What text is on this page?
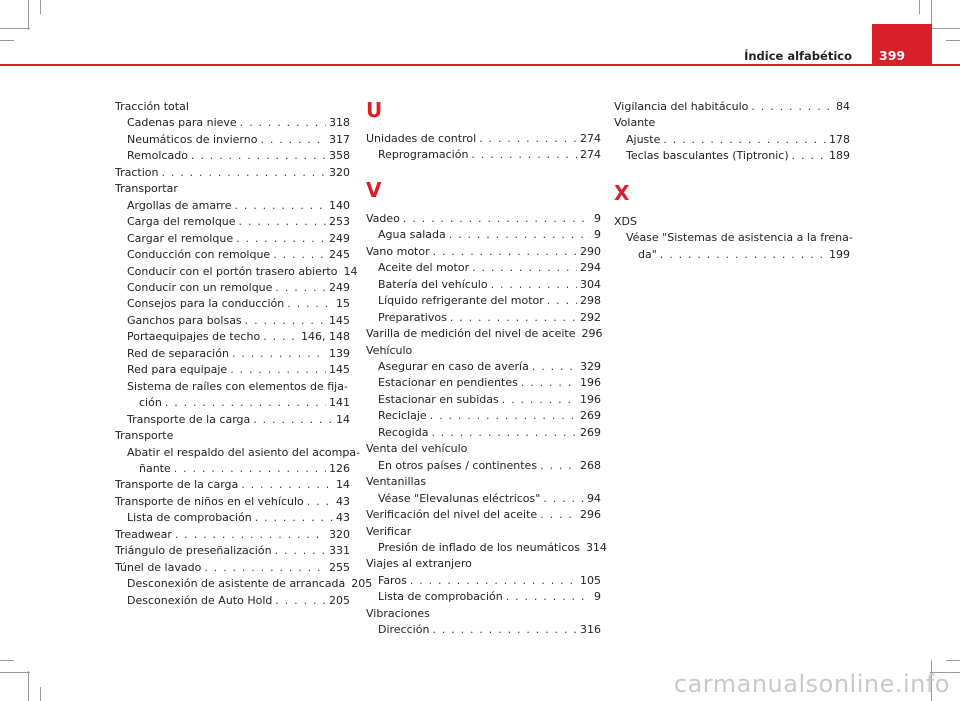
Índice alfabético	399
Tracción total
Cadenas para nieve . . .	318
Neumáticos de invierno . . .	317
Remolcado . . .	358
Traction . . .	320
Transportar
Argollas de amarre . . .	140
Carga del remolque . . .	253
Cargar el remolque . . .	249
Conducción con remolque . . .	245
Conducir con el portón trasero abierto 14
Conducir con un remolque . . .	249
Consejos para la conducción . . .	15
Ganchos para bolsas . . .	145
Portaequipajes de techo . . .	146, 148
Red de separación . . .	139
Red para equipaje . . .	145
Sistema de raíles con elementos de fija-
ción . . .	141
Transporte de la carga . . .	14
Transporte
Abatir el respaldo del asiento del acompa-
ñante . . .	126
Transporte de la carga . . .	14
Transporte de niños en el vehículo . . .	43
Lista de comprobación . . .	43
Treadwear . . .	320
Triángulo de preseñalización . . .	331
Túnel de lavado . . .	255
Desconexión de asistente de arrancada 205
Desconexión de Auto Hold . . .	205
U
Unidades de control . . .	274
Reprogramación . . .	274
V
Vadeo . . .	9
Agua salada . . .	9
Vano motor . . .	290
Aceite del motor . . .	294
Batería del vehículo . . .	304
Líquido refrigerante del motor . . .	298
Preparativos . . .	292
Varilla de medición del nivel de aceite 296
Vehículo
Asegurar en caso de avería . . .	329
Estacionar en pendientes . . .	196
Estacionar en subidas . . .	196
Reciclaje . . .	269
Recogida . . .	269
Venta del vehículo
En otros países / continentes . . .	268
Ventanillas
Véase "Elevalunas eléctricos" . . .	94
Verificación del nivel del aceite . . .	296
Verificar
Presión de inflado de los neumáticos 314
Viajes al extranjero
Faros . . .	105
Lista de comprobación . . .	9
Vibraciones
Dirección . . .	316
Vigilancia del habitáculo . . .	84
Volante
Ajuste . . .	178
Teclas basculantes (Tiptronic) . . .	189
X
XDS
Véase "Sistemas de asistencia a la frena-
da" . . .	199
carmanualsonline.info
